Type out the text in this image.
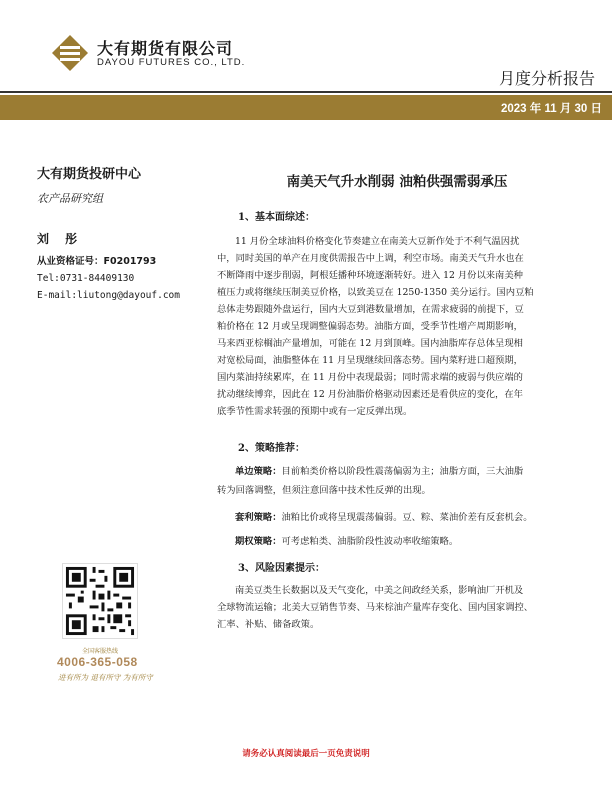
大有期货有限公司
DAYOU FUTURES CO., LTD.
月度分析报告
2023 年 11 月 30 日
大有期货投研中心
农产品研究组
刘 彤
从业资格证号：F0201793
Tel:0731-84409130
E-mail:liutong@dayouf.com
全国客服热线
4006-365-058
进有所为 退有所守 为有所守
南美天气升水削弱 油粕供强需弱承压
1、基本面综述：
11 月份全球油料价格变化节奏建立在南美大豆新作处于不利气温因扰
中，同时美国的单产在月度供需报告中上调，利空市场。南美天气升水也在
不断降雨中逐步削弱，阿根廷播种环境逐渐转好。进入 12 月份以来南美种
植压力或将继续压制美豆价格，以致美豆在 1250-1350 美分运行。国内豆粕
总体走势跟随外盘运行，国内大豆到港数量增加，在需求疲弱的前提下，豆
粕价格在 12 月或呈现调整偏弱态势。油脂方面，受季节性增产周期影响，
马来西亚棕榈油产量增加，可能在 12 月到顶峰。国内油脂库存总体呈现相
对宽松局面，油脂整体在 11 月呈现继续回落态势。国内菜籽进口超预期，
国内菜油持续累库，在 11 月份中表现最弱；同时需求端的疲弱与供应端的
扰动继续博弈，因此在 12 月份油脂价格驱动因素还是看供应的变化，在年
底季节性需求转强的预期中或有一定反弹出现。
2、策略推荐：
单边策略：目前粕类价格以阶段性震荡偏弱为主；油脂方面，三大油脂
转为回落调整，但须注意回落中技术性反弹的出现。
套利策略：油粕比价或将呈现震荡偏弱。豆、粽、菜油价差有反套机会。
期权策略：可考虑粕类、油脂阶段性波动率收缩策略。
3、风险因素提示：
南美豆类生长数据以及天气变化，中美之间政经关系，影响油厂开机及
全球物流运输；北美大豆销售节奏、马来棕油产量库存变化、国内国家调控、
汇率、补贴、储备政策。
请务必认真阅读最后一页免责说明
